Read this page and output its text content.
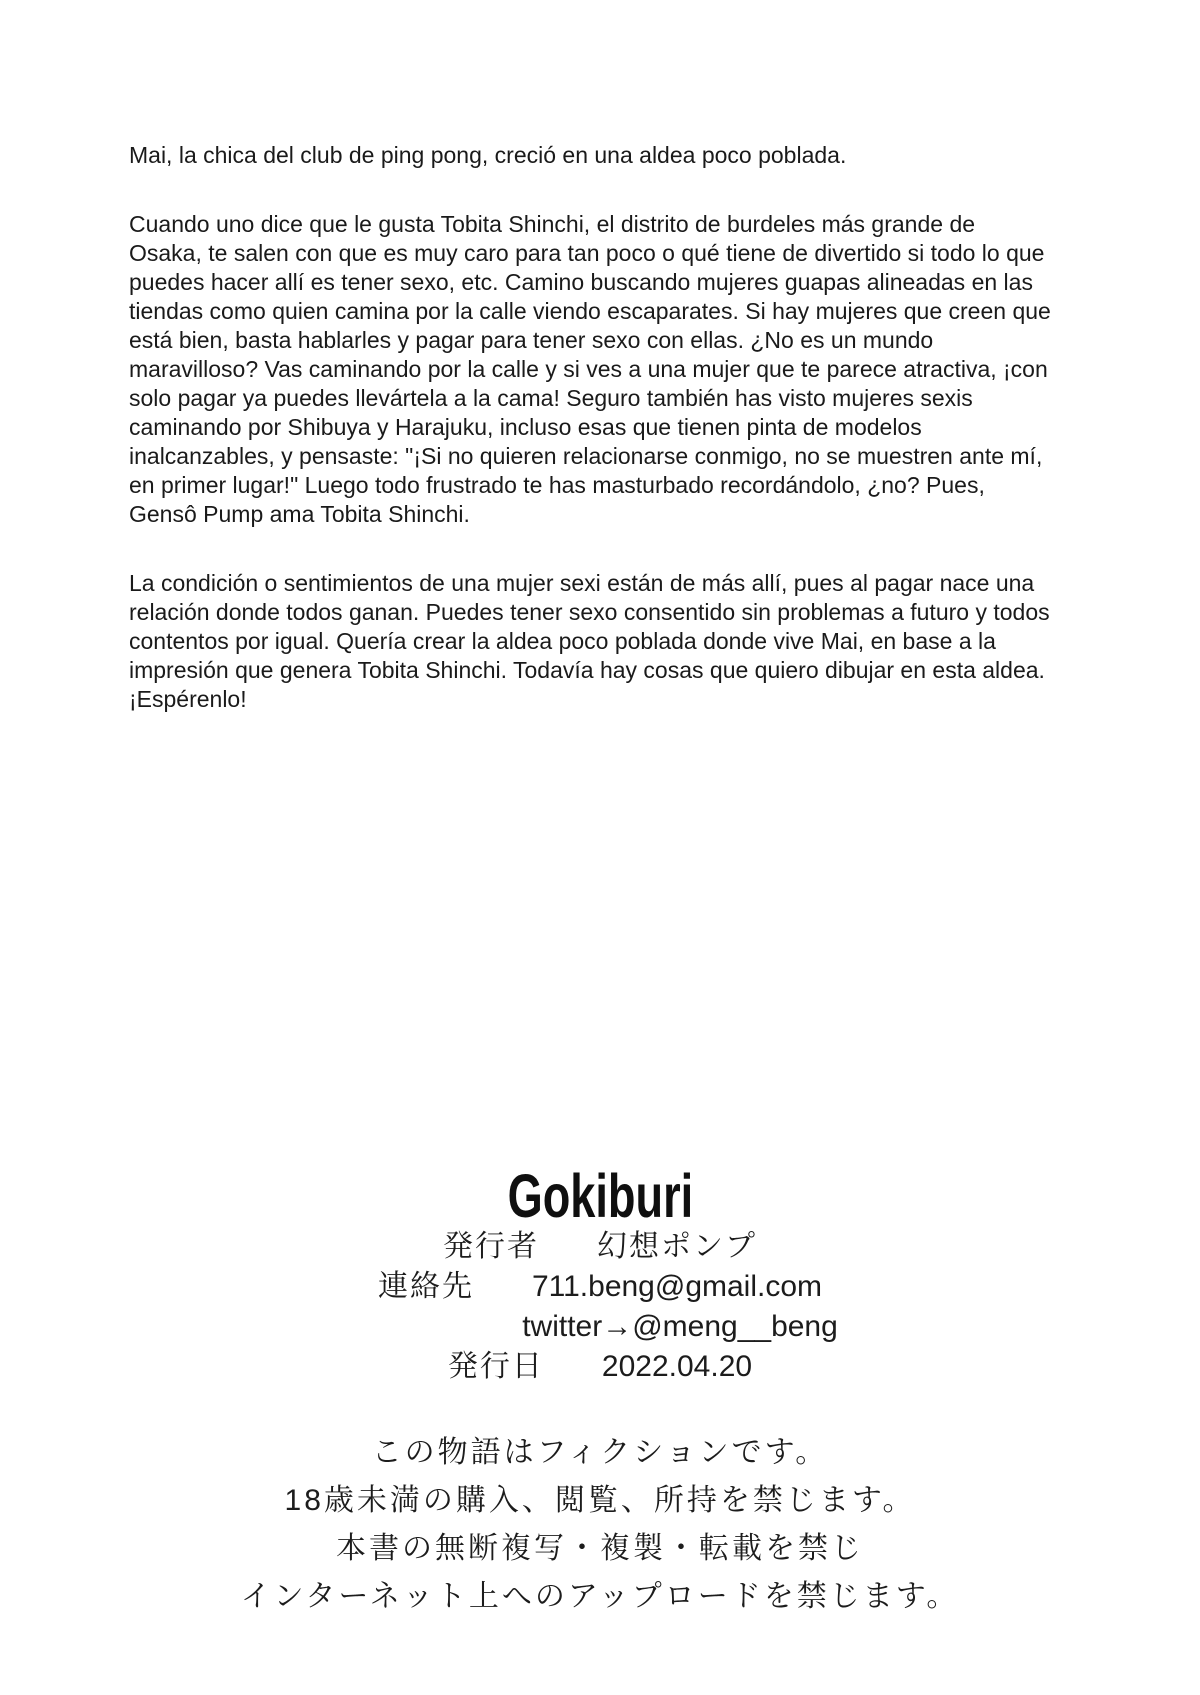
Mai, la chica del club de ping pong, creció en una aldea poco poblada.

Cuando uno dice que le gusta Tobita Shinchi, el distrito de burdeles más grande de Osaka, te salen con que es muy caro para tan poco o qué tiene de divertido si todo lo que puedes hacer allí es tener sexo, etc. Camino buscando mujeres guapas alineadas en las tiendas como quien camina por la calle viendo escaparates. Si hay mujeres que creen que está bien, basta hablarles y pagar para tener sexo con ellas. ¿No es un mundo maravilloso? Vas caminando por la calle y si ves a una mujer que te parece atractiva, ¡con solo pagar ya puedes llevártela a la cama! Seguro también has visto mujeres sexis caminando por Shibuya y Harajuku, incluso esas que tienen pinta de modelos inalcanzables, y pensaste: "¡Si no quieren relacionarse conmigo, no se muestren ante mí, en primer lugar!" Luego todo frustrado te has masturbado recordándolo, ¿no? Pues, Gensô Pump ama Tobita Shinchi.

La condición o sentimientos de una mujer sexi están de más allí, pues al pagar nace una relación donde todos ganan. Puedes tener sexo consentido sin problemas a futuro y todos contentos por igual. Quería crear la aldea poco poblada donde vive Mai, en base a la impresión que genera Tobita Shinchi. Todavía hay cosas que quiero dibujar en esta aldea. ¡Espérenlo!

Gokiburi
発行者 幻想ポンプ
連絡先 711.beng@gmail.com
twitter→@meng__beng
発行日 2022.04.20
この物語はフィクションです。
18歳未満の購入、閲覧、所持を禁じます。
本書の無断複写・複製・転載を禁じ
インターネット上へのアップロードを禁じます。
